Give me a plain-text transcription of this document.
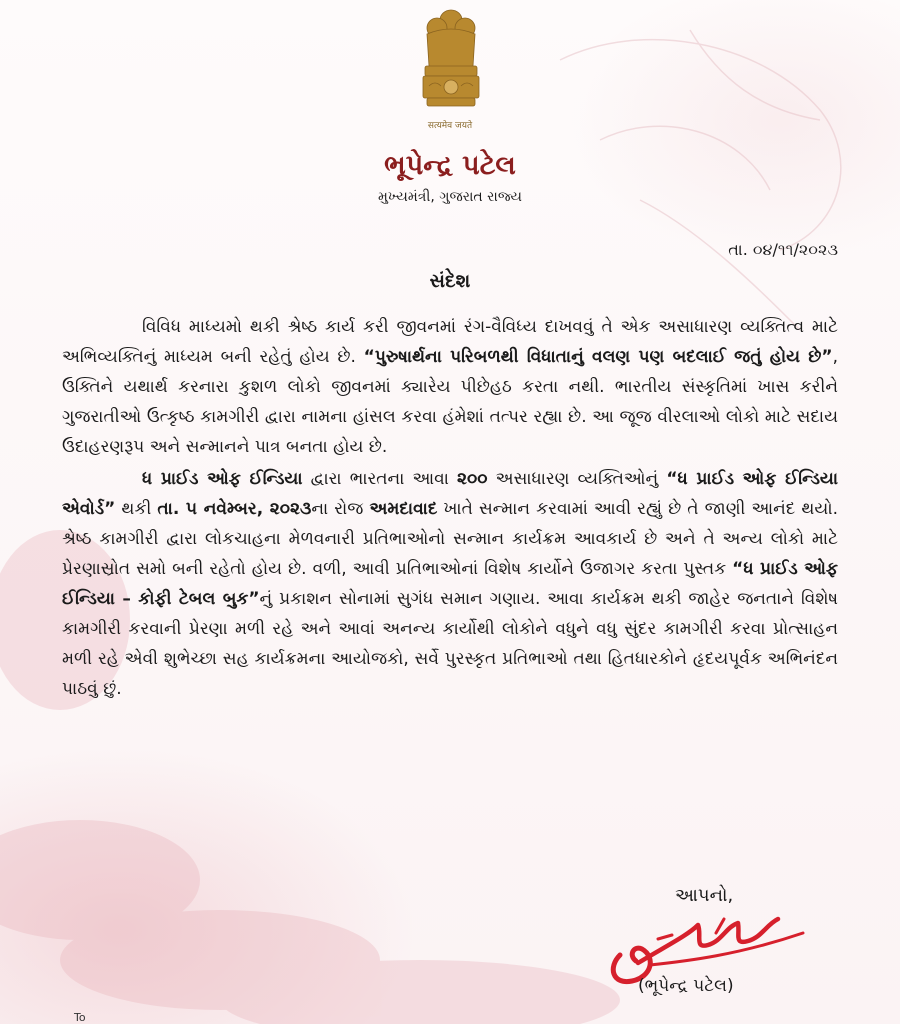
सत्यमेव जयते
ભૂપેન્દ્ર પટેલ
મુખ્યમંત્રી, ગુજરાત રાજ્ય
તા. ૦૪/૧૧/૨૦૨૩
સંદેશ

વિવિધ માધ્યમો થકી શ્રેષ્ઠ કાર્ય કરી જીવનમાં રંગ-વૈવિધ્ય દાખવવું તે એક અસાધારણ વ્યક્તિત્વ માટે અભિવ્યક્તિનું માધ્યમ બની રહેતું હોય છે. “પુરુષાર્થના પરિબળથી વિધાતાનું વલણ પણ બદલાઈ જતું હોય છે”, ઉક્તિને યથાર્થ કરનારા કુશળ લોકો જીવનમાં ક્યારેય પીછેહઠ કરતા નથી. ભારતીય સંસ્કૃતિમાં ખાસ કરીને ગુજરાતીઓ ઉત્કૃષ્ઠ કામગીરી દ્વારા નામના હાંસલ કરવા હંમેશાં તત્પર રહ્યા છે. આ જૂજ વીરલાઓ લોકો માટે સદાય ઉદાહરણરૂપ અને સન્માનને પાત્ર બનતા હોય છે.

ધ પ્રાઈડ ઓફ ઈન્ડિયા દ્વારા ભારતના આવા ૨૦૦ અસાધારણ વ્યક્તિઓનું “ધ પ્રાઈડ ઓફ ઈન્ડિયા એવોર્ડ” થકી તા. ૫ નવેમ્બર, ૨૦૨૩ના રોજ અમદાવાદ ખાતે સન્માન કરવામાં આવી રહ્યું છે તે જાણી આનંદ થયો. શ્રેષ્ઠ કામગીરી દ્વારા લોકચાહના મેળવનારી પ્રતિભાઓનો સન્માન કાર્યક્રમ આવકાર્ય છે અને તે અન્ય લોકો માટે પ્રેરણાસ્રોત સમો બની રહેતો હોય છે. વળી, આવી પ્રતિભાઓનાં વિશેષ કાર્યોને ઉજાગર કરતા પુસ્તક “ધ પ્રાઈડ ઓફ ઈન્ડિયા – કોફી ટેબલ બુક”નું પ્રકાશન સોનામાં સુગંધ સમાન ગણાય. આવા કાર્યક્રમ થકી જાહેર જનતાને વિશેષ કામગીરી કરવાની પ્રેરણા મળી રહે અને આવાં અનન્ય કાર્યોથી લોકોને વધુને વધુ સુંદર કામગીરી કરવા પ્રોત્સાહન મળી રહે એવી શુભેચ્છા સહ કાર્યક્રમના આયોજકો, સર્વે પુરસ્કૃત પ્રતિભાઓ તથા હિતધારકોને હૃદયપૂર્વક અભિનંદન પાઠવું છું.

આપનો,
(ભૂપેન્દ્ર પટેલ)
To
